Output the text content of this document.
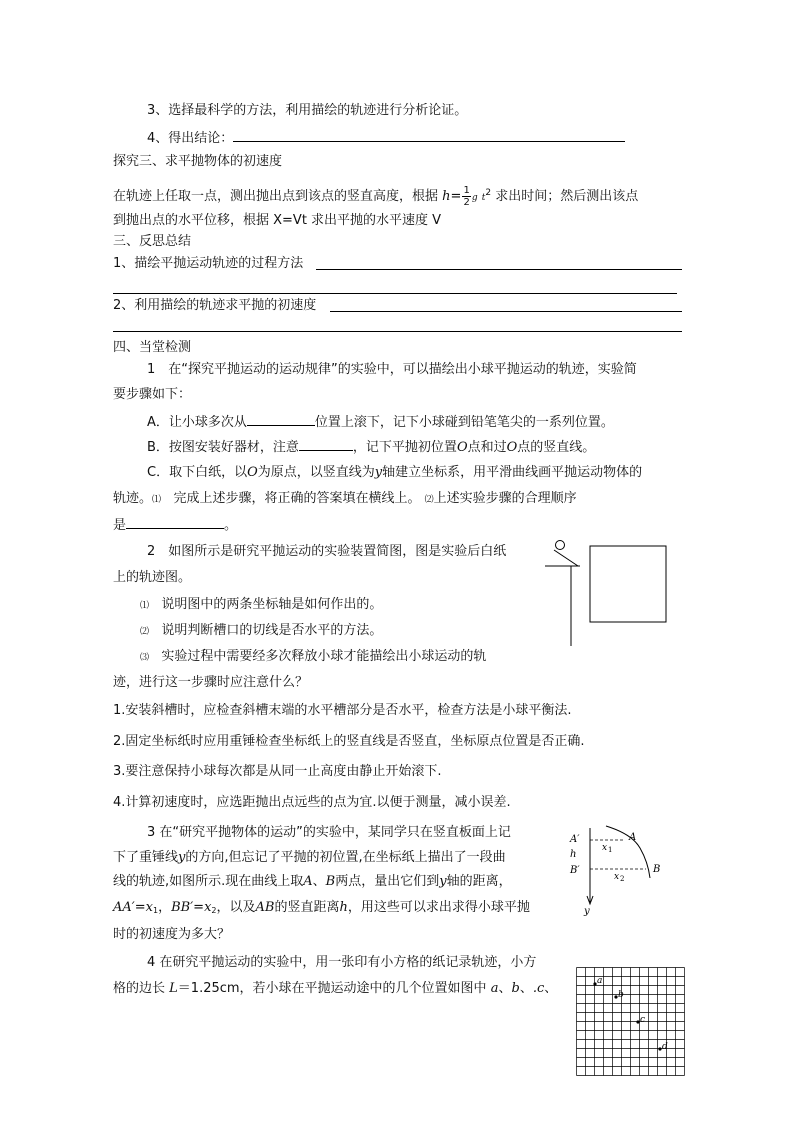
3、选择最科学的方法，利用描绘的轨迹进行分析论证。
4、得出结论：
探究三、求平抛物体的初速度
在轨迹上任取一点，测出抛出点到该点的竖直高度，根据 $h= \frac{1}{2}$ g $t^2$ 求出时间；然后测出该点
到抛出点的水平位移，根据 X=Vt 求出平抛的水平速度 V
三、反思总结
1、描绘平抛运动轨迹的过程方法
2、利用描绘的轨迹求平抛的初速度
四、当堂检测
1　在“探究平抛运动的运动规律”的实验中，可以描绘出小球平抛运动的轨迹，实验简
要步骤如下：
A．让小球多次从	位置上滚下，记下小球碰到铅笔笔尖的一系列位置。
B．按图安装好器材，注意	，记下平抛初位置O点和过O点的竖直线。
C．取下白纸，以O为原点，以竖直线为y轴建立坐标系，用平滑曲线画平抛运动物体的
轨迹。⑴ 完成上述步骤，将正确的答案填在横线上。 ⑵上述实验步骤的合理顺序
是	。
2　如图所示是研究平抛运动的实验装置简图，图是实验后白纸
上的轨迹图。
⑴ 说明图中的两条坐标轴是如何作出的。
⑵ 说明判断槽口的切线是否水平的方法。
⑶ 实验过程中需要经多次释放小球才能描绘出小球运动的轨
迹，进行这一步骤时应注意什么？
1.安装斜槽时，应检查斜槽末端的水平槽部分是否水平，检查方法是小球平衡法.
2.固定坐标纸时应用重锤检查坐标纸上的竖直线是否竖直，坐标原点位置是否正确.
3.要注意保持小球每次都是从同一止高度由静止开始滚下.
4.计算初速度时，应选距抛出点远些的点为宜.以便于测量，减小误差.
3 在“研究平抛物体的运动”的实验中，某同学只在竖直板面上记
下了重锤线y的方向,但忘记了平抛的初位置,在坐标纸上描出了一段曲
线的轨迹,如图所示.现在曲线上取A、B两点，量出它们到y轴的距离，
$AA'=x_1$，$BB'=x_2$，以及AB的竖直距离h，用这些可以求出求得小球平抛
时的初速度为多大？
A′
h
B′
A
B
x 1
x 2
y
4 在研究平抛运动的实验中，用一张印有小方格的纸记录轨迹，小方
格的边长 L＝1.25cm，若小球在平抛运动途中的几个位置如图中 a、b、.c、	a
b
c
d
